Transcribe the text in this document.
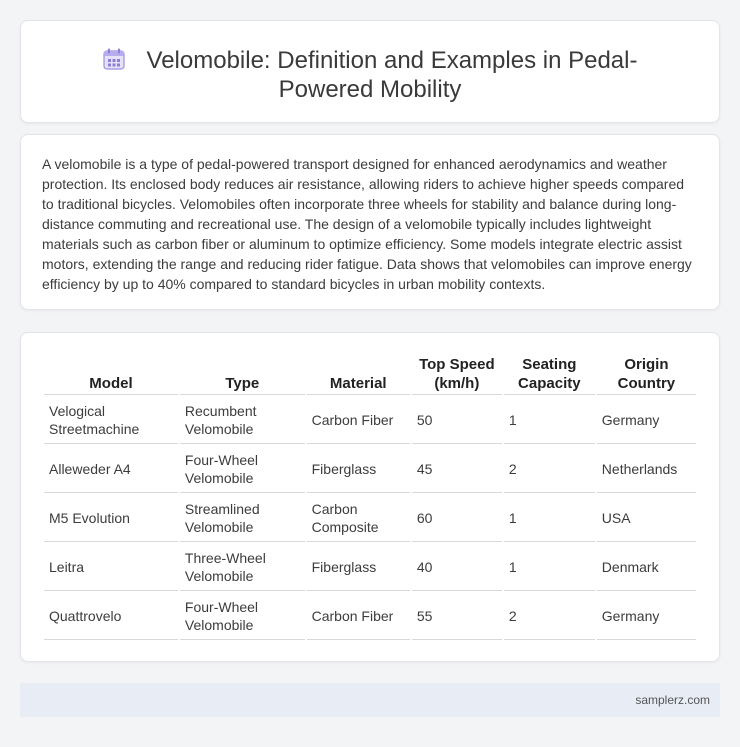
Velomobile: Definition and Examples in Pedal-Powered Mobility

A velomobile is a type of pedal-powered transport designed for enhanced aerodynamics and weather protection. Its enclosed body reduces air resistance, allowing riders to achieve higher speeds compared to traditional bicycles. Velomobiles often incorporate three wheels for stability and balance during long-distance commuting and recreational use. The design of a velomobile typically includes lightweight materials such as carbon fiber or aluminum to optimize efficiency. Some models integrate electric assist motors, extending the range and reducing rider fatigue. Data shows that velomobiles can improve energy efficiency by up to 40% compared to standard bicycles in urban mobility contexts.

Model	Type	Material	Top Speed (km/h)	Seating Capacity	Origin Country
Velogical Streetmachine	Recumbent Velomobile	Carbon Fiber	50	1	Germany
Alleweder A4	Four-Wheel Velomobile	Fiberglass	45	2	Netherlands
M5 Evolution	Streamlined Velomobile	Carbon Composite	60	1	USA
Leitra	Three-Wheel Velomobile	Fiberglass	40	1	Denmark
Quattrovelo	Four-Wheel Velomobile	Carbon Fiber	55	2	Germany
samplerz.com
